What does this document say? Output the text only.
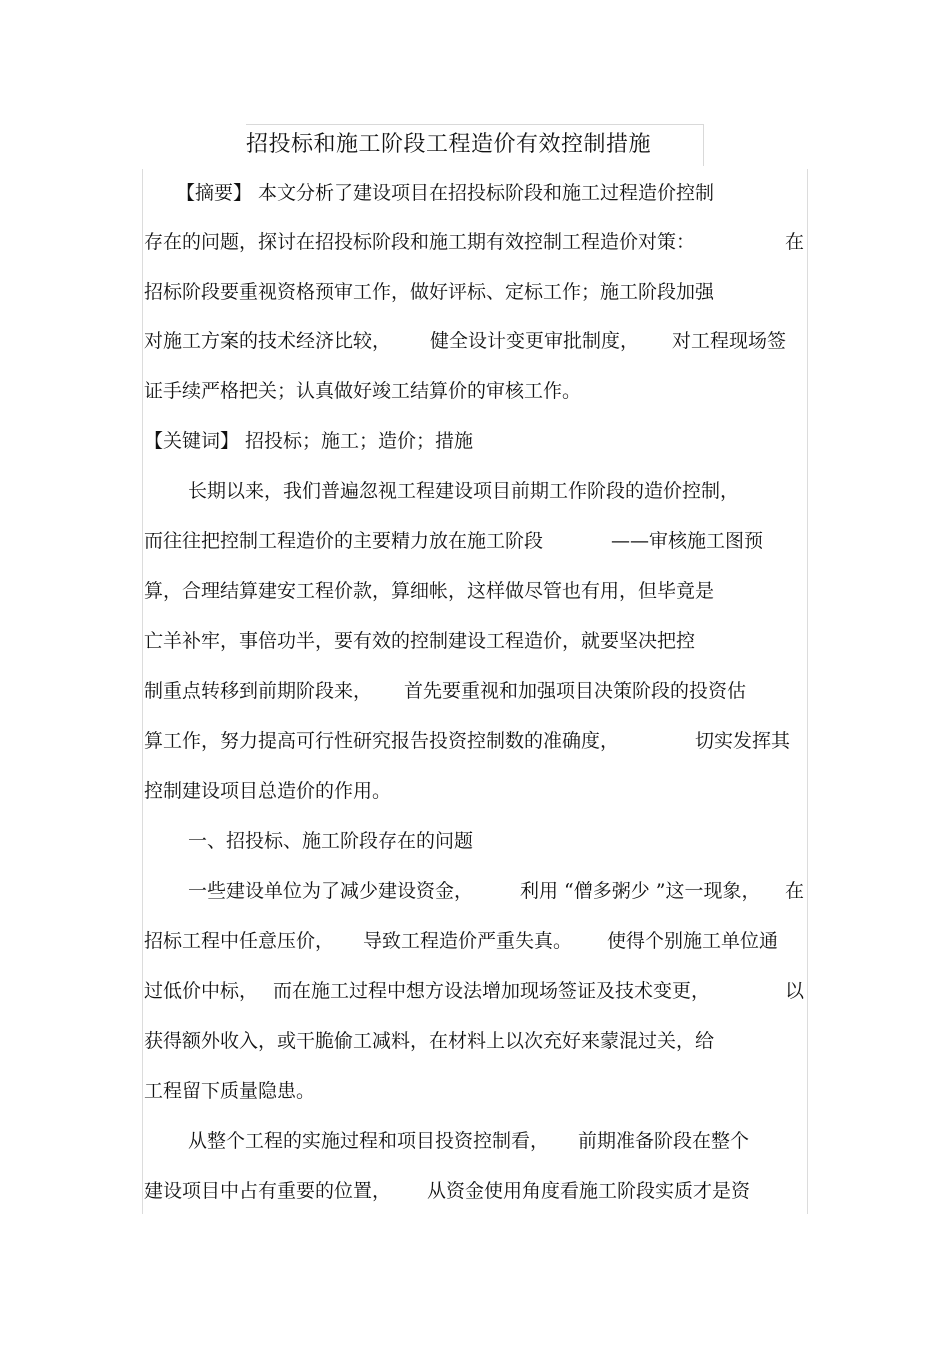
招投标和施工阶段工程造价有效控制措施
【摘要】 本文分析了建设项目在招投标阶段和施工过程造价控制
存在的问题，探讨在招投标阶段和施工期有效控制工程造价对策：	在
招标阶段要重视资格预审工作，做好评标、定标工作；施工阶段加强
对施工方案的技术经济比较， 健全设计变更审批制度， 对工程现场签
证手续严格把关；认真做好竣工结算价的审核工作。
【关键词】 招投标；施工；造价；措施
长期以来，我们普遍忽视工程建设项目前期工作阶段的造价控制，
而往往把控制工程造价的主要精力放在施工阶段	——审核施工图预
算，合理结算建安工程价款，算细帐，这样做尽管也有用，但毕竟是
亡羊补牢，事倍功半，要有效的控制建设工程造价，就要坚决把控
制重点转移到前期阶段来， 首先要重视和加强项目决策阶段的投资估
算工作，努力提高可行性研究报告投资控制数的准确度，	切实发挥其
控制建设项目总造价的作用。
一、招投标、施工阶段存在的问题
一些建设单位为了减少建设资金， 利用 “僧多粥少 ”这一现象， 在
招标工程中任意压价， 导致工程造价严重失真。 使得个别施工单位通
过低价中标， 而在施工过程中想方设法增加现场签证及技术变更，	以
获得额外收入，或干脆偷工减料，在材料上以次充好来蒙混过关，给
工程留下质量隐患。
从整个工程的实施过程和项目投资控制看， 前期准备阶段在整个
建设项目中占有重要的位置， 从资金使用角度看施工阶段实质才是资
